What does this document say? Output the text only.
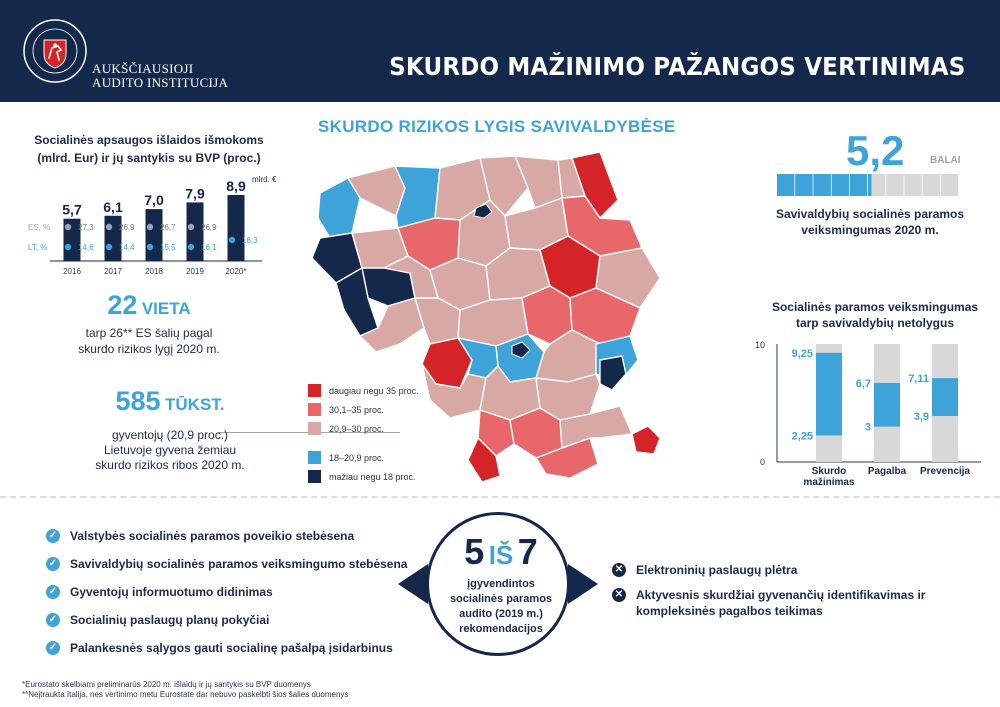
AUKŠČIAUSIOJI
AUDITO INSTITUCIJA
SKURDO MAŽINIMO PAŽANGOS VERTINIMAS
Socialinės apsaugos išlaidos išmokoms (mlrd. Eur) ir jų santykis su BVP (proc.)
ES, %
LT, %
5,7
27,3
14,6
2016
6,1
26,9
14,4
2017
7,0
26,7
15,5
2018
7,9
26,9
16,1
2019
8,9
18,3
2020*
mlrd. €
22 VIETA
tarp 26** ES šalių pagal
skurdo rizikos lygį 2020 m.
585 TŪKST.
gyventojų (20,9 proc.)
Lietuvoje gyvena žemiau
skurdo rizikos ribos 2020 m.
SKURDO RIZIKOS LYGIS SAVIVALDYBĖSE
daugiau negu 35 proc.
30,1–35 proc.
20,9–30 proc.
18–20,9 proc.
mažiau negu 18 proc.
5,2	BALAI
Savivaldybių socialinės paramos
veiksmingumas 2020 m.
Socialinės paramos veiksmingumas
tarp savivaldybių netolygus
10
0
9,25
2,25
Skurdo
mažinimas
6,7
3
Pagalba
7,11
3,9
Prevencija
✓ Valstybės socialinės paramos poveikio stebėsena
✓ Savivaldybių socialinės paramos veiksmingumo stebėsena
✓ Gyventojų informuotumo didinimas
✓ Socialinių paslaugų planų pokyčiai
✓ Palankesnės sąlygos gauti socialinę pašalpą įsidarbinus
5 IŠ 7
įgyvendintos socialinės paramos audito (2019 m.) rekomendacijos
✕ Elektroninių paslaugų plėtra
✕ Aktyvesnis skurdžiai gyvenančių identifikavimas ir kompleksinės pagalbos teikimas
*Eurostato skelbiami preliminarūs 2020 m. išlaidų ir jų santykis su BVP duomenys
**Neįtraukta Italija, nes vertinimo metu Eurostate dar nebuvo paskelbti šios šalies duomenys
